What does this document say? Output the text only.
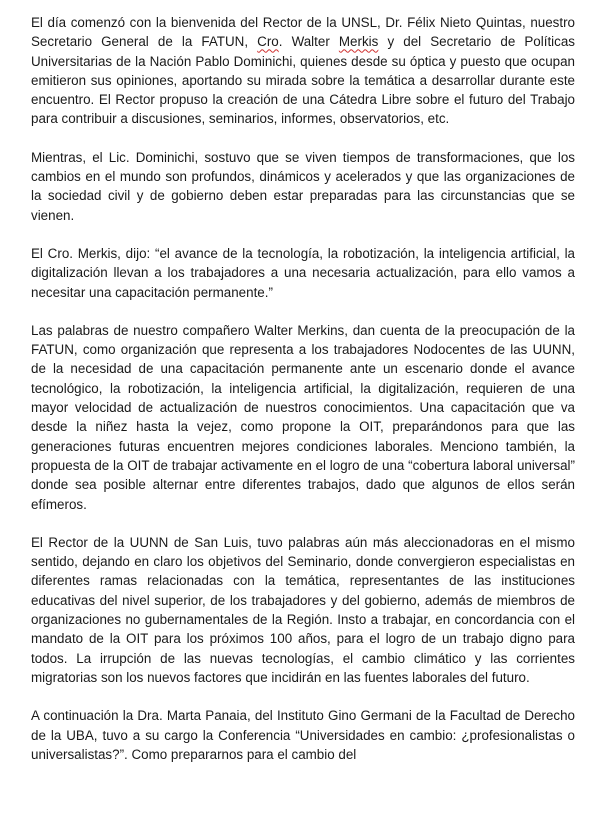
El día comenzó con la bienvenida del Rector de la UNSL, Dr. Félix Nieto Quintas, nuestro Secretario General de la FATUN, Cro. Walter Merkis y del Secretario de Políticas Universitarias de la Nación Pablo Dominichi, quienes desde su óptica y puesto que ocupan emitieron sus opiniones, aportando su mirada sobre la temática a desarrollar durante este encuentro. El Rector propuso la creación de una Cátedra Libre sobre el futuro del Trabajo para contribuir a discusiones, seminarios, informes, observatorios, etc.

Mientras, el Lic. Dominichi, sostuvo que se viven tiempos de transformaciones, que los cambios en el mundo son profundos, dinámicos y acelerados y que las organizaciones de la sociedad civil y de gobierno deben estar preparadas para las circunstancias que se vienen.

El Cro. Merkis, dijo: “el avance de la tecnología, la robotización, la inteligencia artificial, la digitalización llevan a los trabajadores a una necesaria actualización, para ello vamos a necesitar una capacitación permanente.”

Las palabras de nuestro compañero Walter Merkins, dan cuenta de la preocupación de la FATUN, como organización que representa a los trabajadores Nodocentes de las UUNN, de la necesidad de una capacitación permanente ante un escenario donde el avance tecnológico, la robotización, la inteligencia artificial, la digitalización, requieren de una mayor velocidad de actualización de nuestros conocimientos. Una capacitación que va desde la niñez hasta la vejez, como propone la OIT, preparándonos para que las generaciones futuras encuentren mejores condiciones laborales. Menciono también, la propuesta de la OIT de trabajar activamente en el logro de una “cobertura laboral universal” donde sea posible alternar entre diferentes trabajos, dado que algunos de ellos serán efímeros.

El Rector de la UUNN de San Luis, tuvo palabras aún más aleccionadoras en el mismo sentido, dejando en claro los objetivos del Seminario, donde convergieron especialistas en diferentes ramas relacionadas con la temática, representantes de las instituciones educativas del nivel superior, de los trabajadores y del gobierno, además de miembros de organizaciones no gubernamentales de la Región. Insto a trabajar, en concordancia con el mandato de la OIT para los próximos 100 años, para el logro de un trabajo digno para todos. La irrupción de las nuevas tecnologías, el cambio climático y las corrientes migratorias son los nuevos factores que incidirán en las fuentes laborales del futuro.

A continuación la Dra. Marta Panaia, del Instituto Gino Germani de la Facultad de Derecho de la UBA, tuvo a su cargo la Conferencia “Universidades en cambio: ¿profesionalistas o universalistas?”. Como prepararnos para el cambio del
